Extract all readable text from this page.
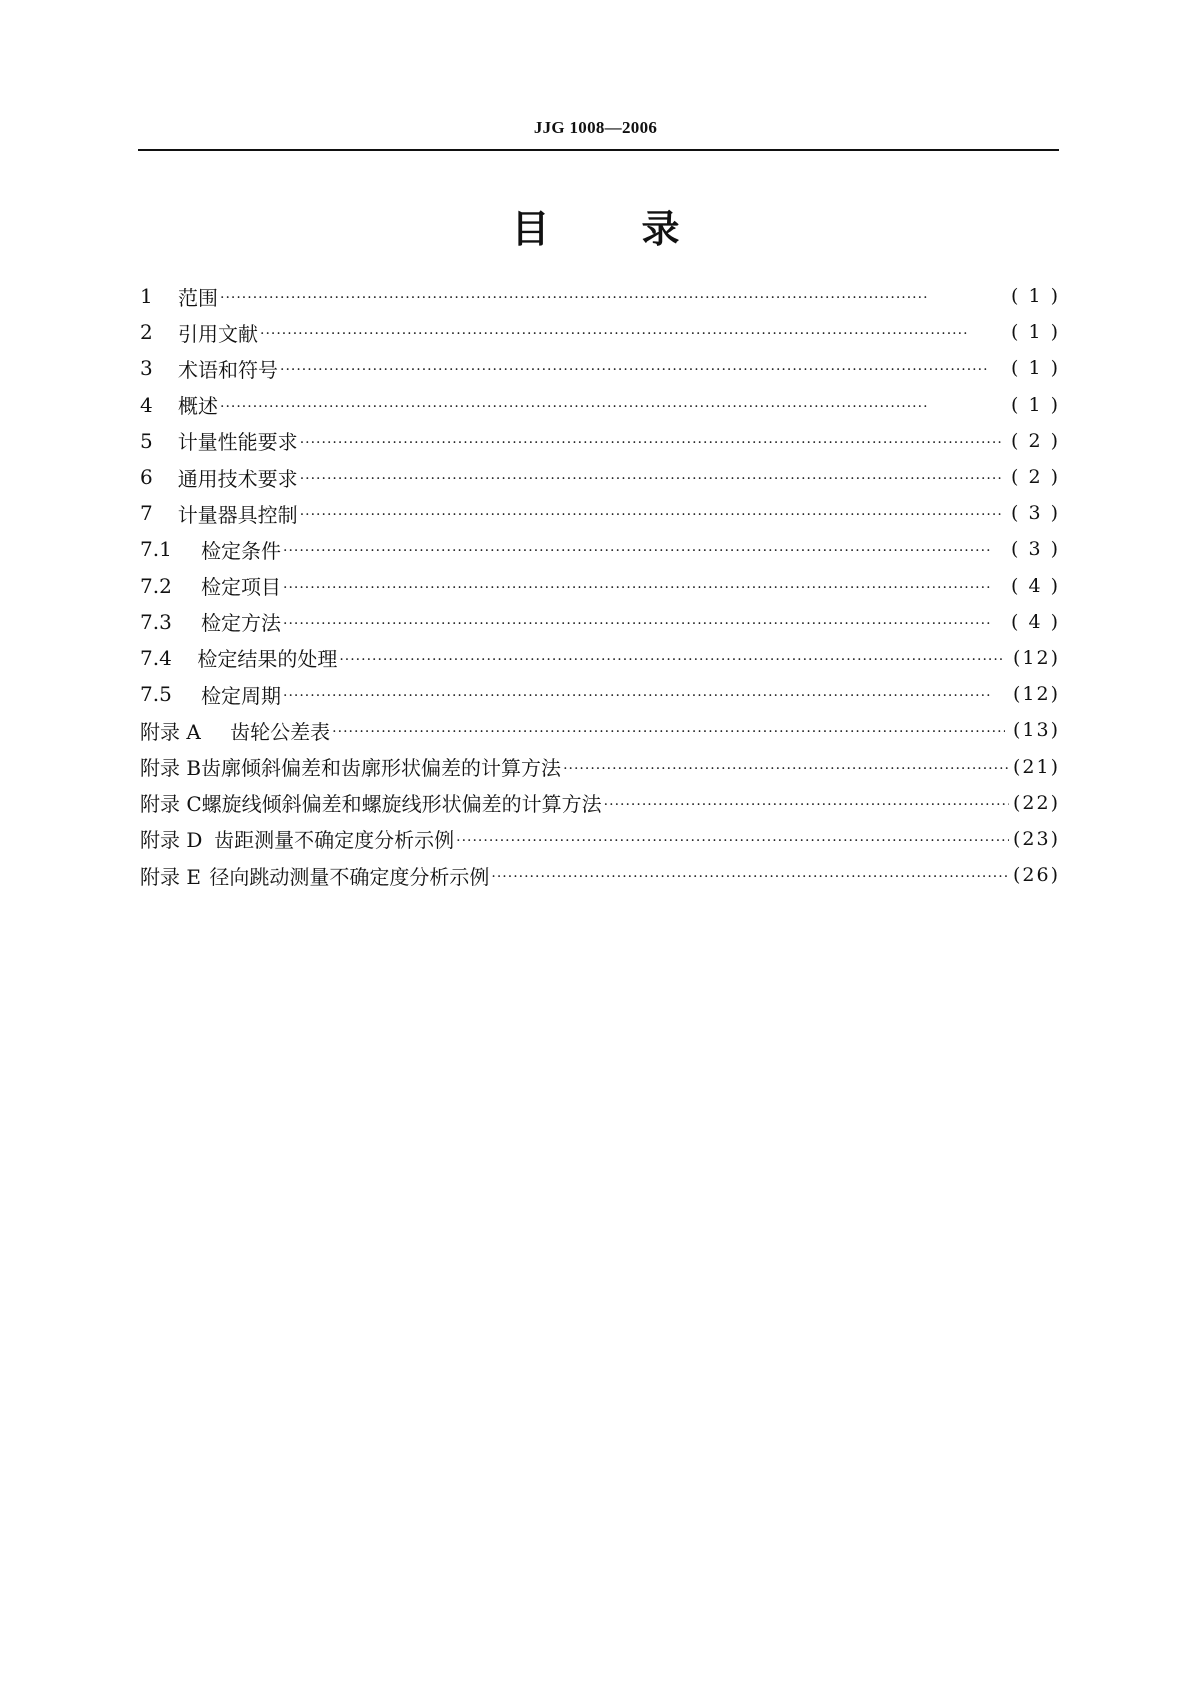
JJG 1008—2006
目 录
1	范围 ·····	( 1 )
2	引用文献 ·····	( 1 )
3	术语和符号 ·····	( 1 )
4	概述 ·····	( 1 )
5	计量性能要求 ·····	( 2 )
6	通用技术要求 ·····	( 2 )
7	计量器具控制 ·····	( 3 )
7.1	检定条件 ·····	( 3 )
7.2	检定项目 ·····	( 4 )
7.3	检定方法 ·····	( 4 )
7.4	检定结果的处理 ·····	(12)
7.5	检定周期 ·····	(12)
附录 A	齿轮公差表 ·····	(13)
附录 B 齿廓倾斜偏差和齿廓形状偏差的计算方法 ·····	(21)
附录 C 螺旋线倾斜偏差和螺旋线形状偏差的计算方法 ·····	(22)
附录 D 齿距测量不确定度分析示例 ·····	(23)
附录 E 径向跳动测量不确定度分析示例 ·····	(26)
